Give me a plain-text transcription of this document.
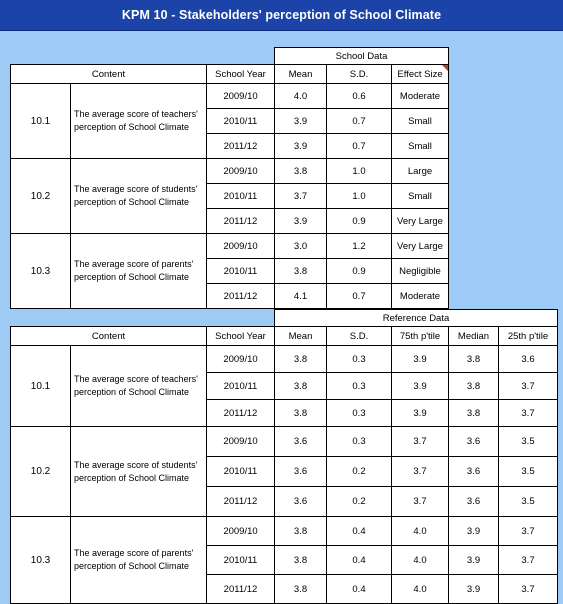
KPM 10 - Stakeholders' perception of School Climate
			School Data		
Content		School Year	Mean	S.D.	Effect Size
10.1	The average score of teachers' perception of School Climate	2009/10	4.0	0.6	Moderate
		2010/11	3.9	0.7	Small
		2011/12	3.9	0.7	Small
10.2	The average score of students' perception of School Climate	2009/10	3.8	1.0	Large
		2010/11	3.7	1.0	Small
		2011/12	3.9	0.9	Very Large
10.3	The average score of parents' perception of School Climate	2009/10	3.0	1.2	Very Large
		2010/11	3.8	0.9	Negligible
		2011/12	4.1	0.7	Moderate
			Reference Data				
Content		School Year	Mean	S.D.	75th p'tile	Median	25th p'tile
10.1	The average score of teachers' perception of School Climate	2009/10	3.8	0.3	3.9	3.8	3.6
		2010/11	3.8	0.3	3.9	3.8	3.7
		2011/12	3.8	0.3	3.9	3.8	3.7
10.2	The average score of students' perception of School Climate	2009/10	3.6	0.3	3.7	3.6	3.5
		2010/11	3.6	0.2	3.7	3.6	3.5
		2011/12	3.6	0.2	3.7	3.6	3.5
10.3	The average score of parents' perception of School Climate	2009/10	3.8	0.4	4.0	3.9	3.7
		2010/11	3.8	0.4	4.0	3.9	3.7
		2011/12	3.8	0.4	4.0	3.9	3.7
